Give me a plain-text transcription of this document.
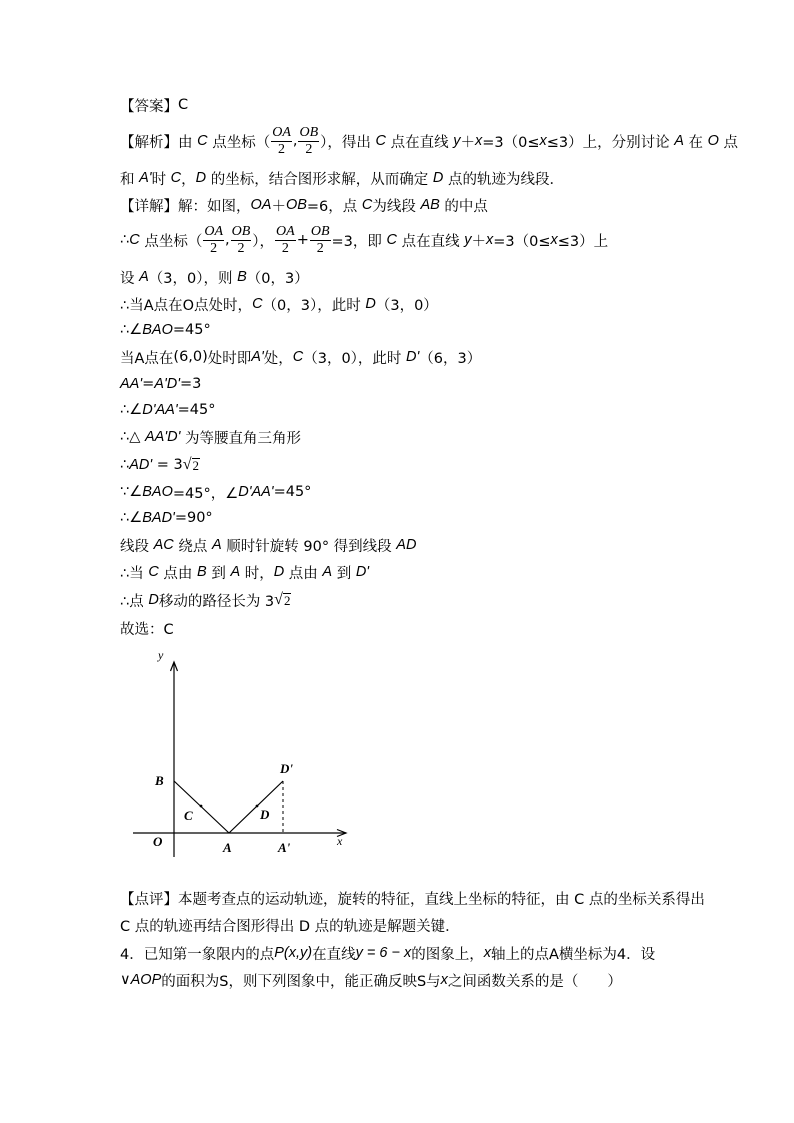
【答案】 C
【解析】由 C 点坐标（ $\frac{OA}{2}$ , $\frac{OB}{2}$ ），得出 C 点在直线 y ＋ x =3（0≤ x ≤3）上，分别讨论 A 在 O 点
和 A' 时 C ， D 的坐标，结合图形求解，从而确定 D 点的轨迹为线段．
【详解】解：如图， OA ＋ OB =6，点 C 为线段 AB 的中点
∴ C 点坐标（ $\frac{OA}{2}$ , $\frac{OB}{2}$ ）， $\frac{OA}{2} + \frac{OB}{2} =3$，即 C 点在直线 y ＋ x =3（0≤ x ≤3）上
设 A （3，0），则 B （0，3）
∴当A点在O点处时， C （0，3），此时 D （3，0）
∴∠ BAO =45°
当A点在 (6,0) 处时即 A' 处， C （3，0），此时 D' （6，3）
AA' = A'D' =3
∴∠ D'AA' =45°
∴△ AA'D' 为等腰直角三角形
∴ AD' = 3 √ 2
∵∠ BAO =45°，∠ D'AA' =45°
∴∠ BAD' =90°
线段 AC 绕点 A 顺时针旋转 90° 得到线段 AD
∴当 C 点由 B 到 A 时， D 点由 A 到 D'
∴点 D 移动的路径长为 3 √ 2
故选：C
y
x
O
B
C
A
D
A'
D'
【点评】本题考查点的运动轨迹，旋转的特征，直线上坐标的特征，由 C 点的坐标关系得出
C 点的轨迹再结合图形得出 D 点的轨迹是解题关键．
4．已知第一象限内的点 P(x,y) 在直线 y = 6 − x 的图象上， x 轴上的点A横坐标为4．设
∨ AOP 的面积为S，则下列图象中，能正确反映S与 x 之间函数关系的是（　　）
